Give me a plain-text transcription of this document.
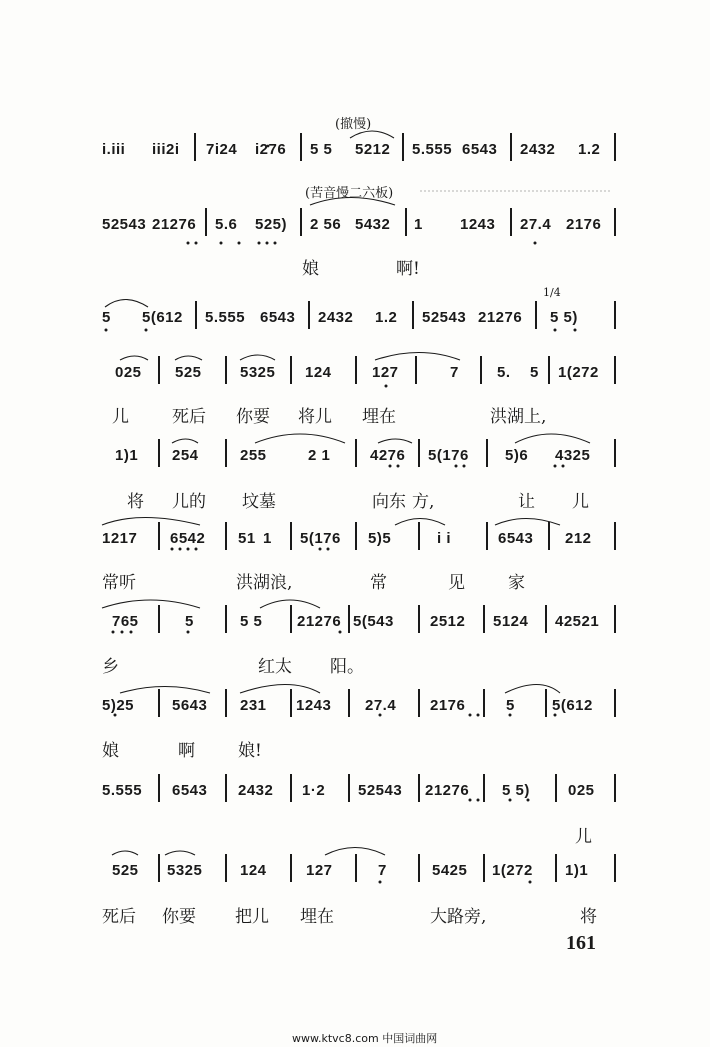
(撤慢)
(苦音慢二六板)
1/4
i.iii iii2i 7i24 i276 5 5 5212 5.555 6543 2432 1.2
52543 21276 5.6 525) 2 56 5432 1 1243 27.4 2176
娘	啊!
5 5(612 5.555 6543 2432 1.2 52543 21276 5 5)
025 525	5325 124	127	7	5. 5 1(272
儿	死后 你要 将儿 埋在	洪湖上,
1)1 254	255	2 1	4276 5(176 5)6 4325
将 儿的 坟墓	向东 方,	让 儿
1217 6542 51 1 5(176 5)5	i i	6543 212
常听	洪湖浪,	常	见	家
765	5	5 5 21276 5(543 2512 5124 42521
乡	红太 阳。
5)25	5643 231 1243 27.4 2176	5 5(612
娘	啊	娘!
5.555 6543 2432 1·2 52543 21276 5 5)	025
儿
525 5325	124	127	7	5425 1(272 1)1
死后 你要 把儿 埋在	大路旁,	将
161
www.ktvc8.com 中国词曲网
